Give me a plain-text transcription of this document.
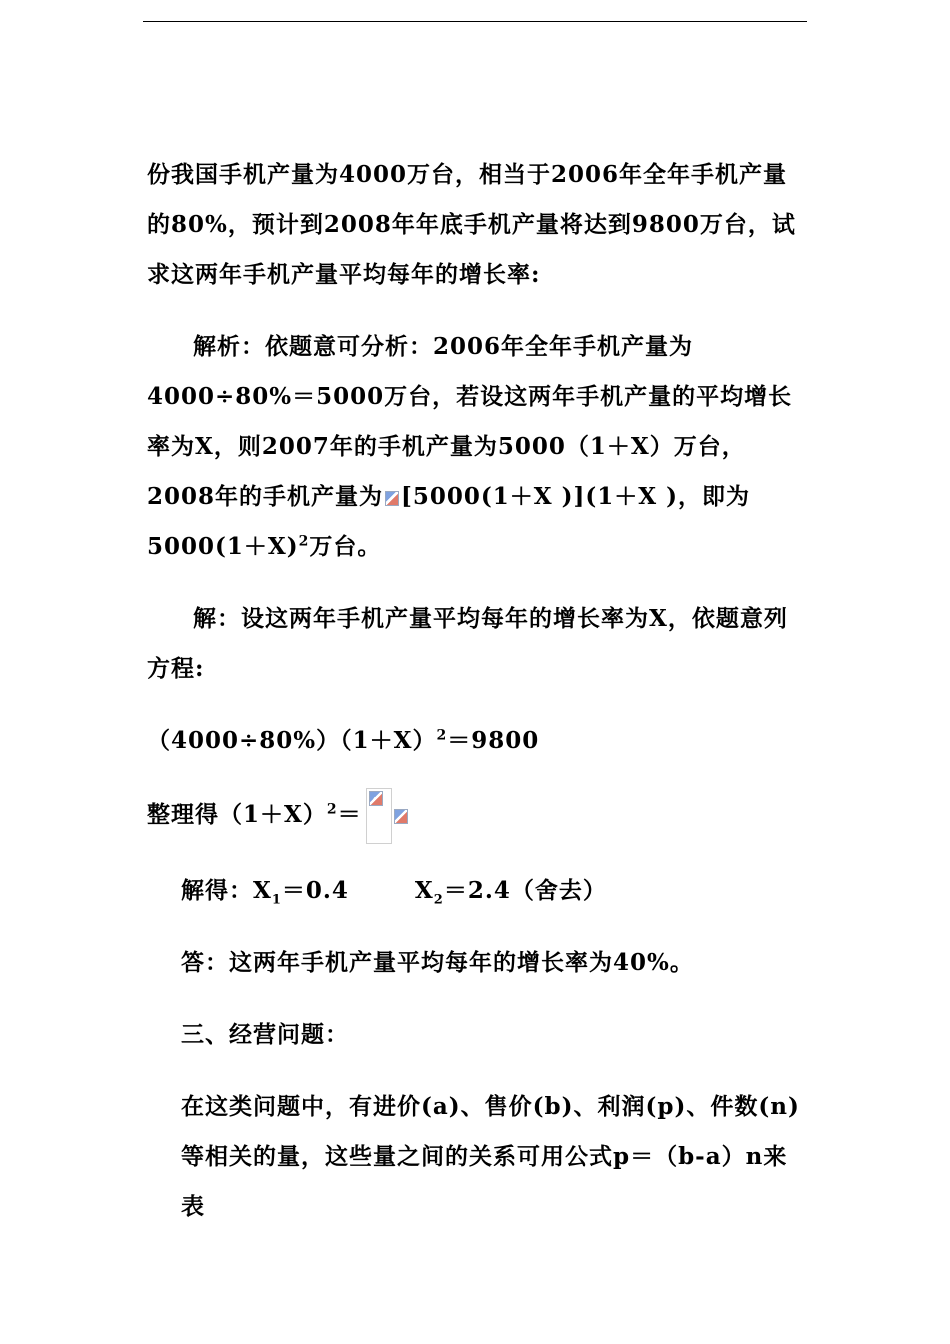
份我国手机产量为4000万台，相当于2006年全年手机产量的80%，预计到2008年年底手机产量将达到9800万台，试求这两年手机产量平均每年的增长率:

解析：依题意可分析：2006年全年手机产量为
4000÷80%＝5000万台，若设这两年手机产量的平均增长率为X，则2007年的手机产量为5000（1＋X）万台，2008年的手机产量为 [5000(1＋X )](1＋X )，即为$5000(1+X)^2$万台。

解：设这两年手机产量平均每年的增长率为X，依题意列方程:

$(4000\div 80\%)(1+X)^2=9800$

整理得$(1+X)^2=$

解得：$X_1=0.4$	$X_2=2.4$（舍去）

答：这两年手机产量平均每年的增长率为40%。

三、经营问题：

在这类问题中，有进价(a)、售价(b)、利润(p)、件数(n)等相关的量，这些量之间的关系可用公式p＝（b-a）n来表
